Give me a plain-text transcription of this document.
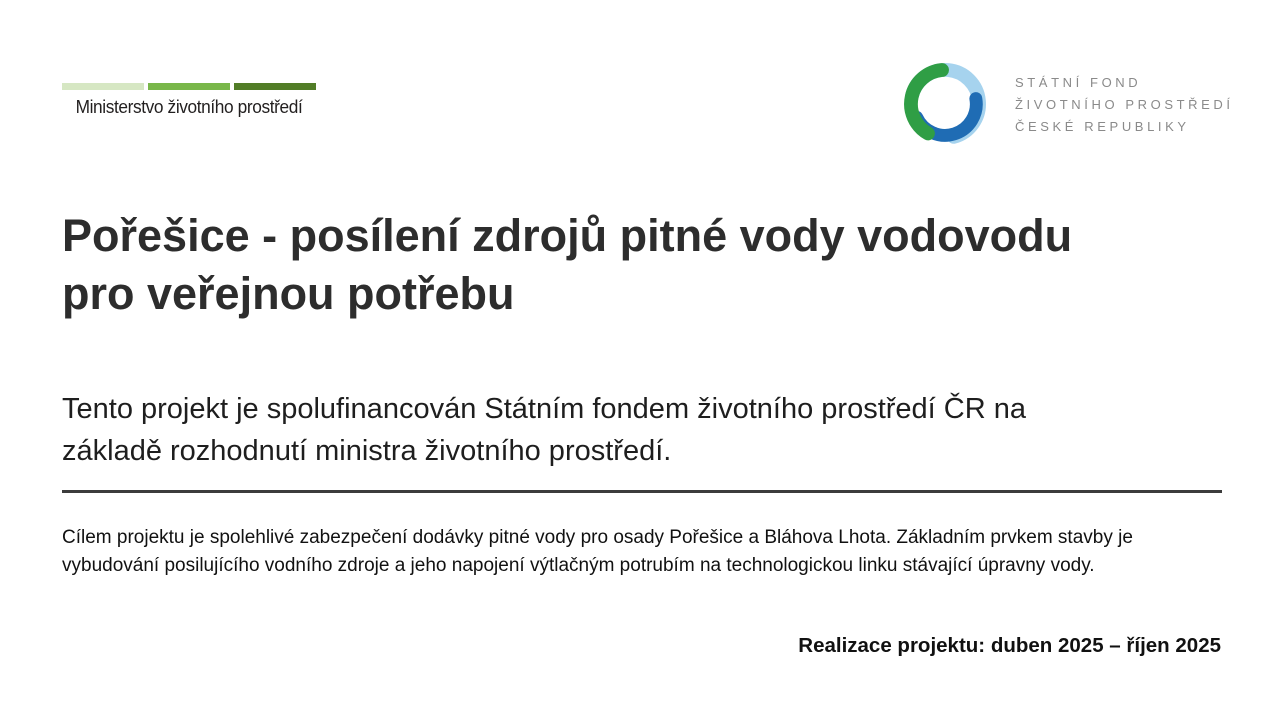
Ministerstvo životního prostředí
STÁTNÍ FOND
ŽIVOTNÍHO PROSTŘEDÍ
ČESKÉ REPUBLIKY
Pořešice - posílení zdrojů pitné vody vodovodu
pro veřejnou potřebu
Tento projekt je spolufinancován Státním fondem životního prostředí ČR na
základě rozhodnutí ministra životního prostředí.
Cílem projektu je spolehlivé zabezpečení dodávky pitné vody pro osady Pořešice a Bláhova Lhota. Základním prvkem stavby je vybudování posilujícího vodního zdroje a jeho napojení výtlačným potrubím na technologickou linku stávající úpravny vody.
Realizace projektu: duben 2025 – říjen 2025
